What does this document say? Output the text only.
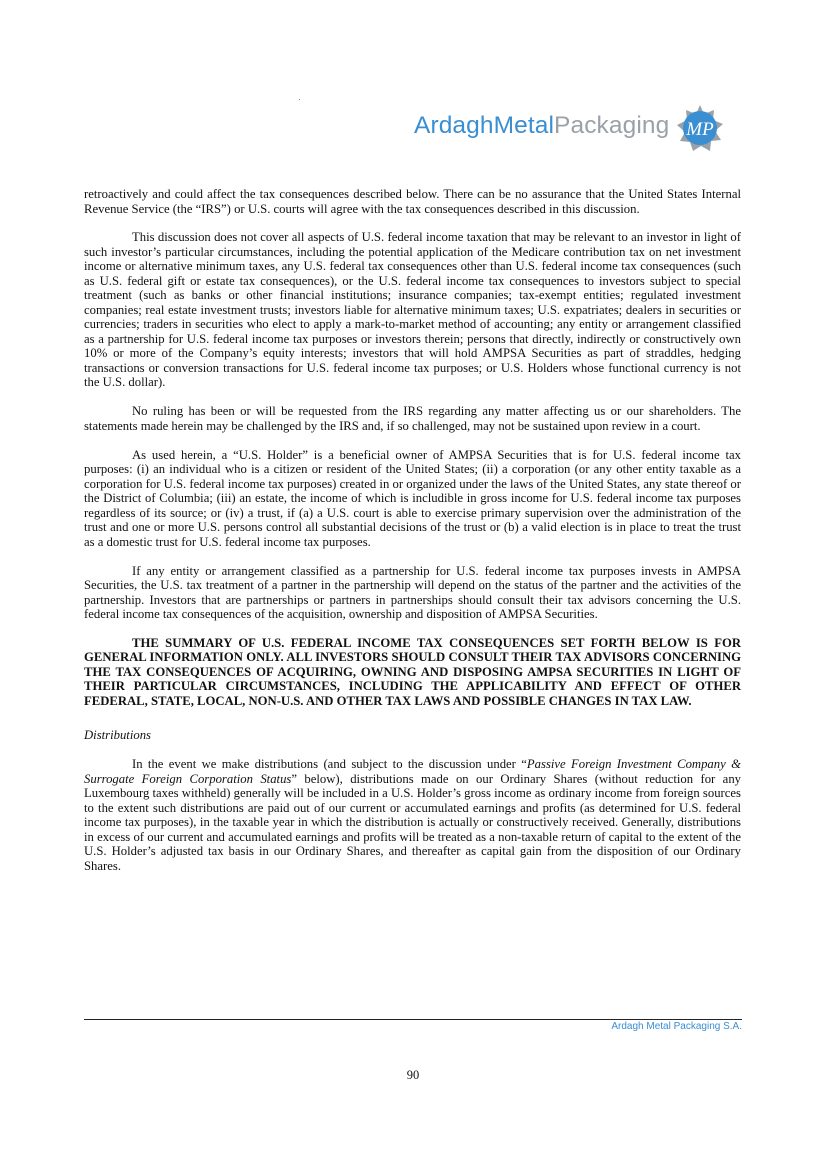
ArdaghMetalPackaging MP

retroactively and could affect the tax consequences described below. There can be no assurance that the United States Internal Revenue Service (the “IRS”) or U.S. courts will agree with the tax consequences described in this discussion.

This discussion does not cover all aspects of U.S. federal income taxation that may be relevant to an investor in light of such investor’s particular circumstances, including the potential application of the Medicare contribution tax on net investment income or alternative minimum taxes, any U.S. federal tax consequences other than U.S. federal income tax consequences (such as U.S. federal gift or estate tax consequences), or the U.S. federal income tax consequences to investors subject to special treatment (such as banks or other financial institutions; insurance companies; tax-exempt entities; regulated investment companies; real estate investment trusts; investors liable for alternative minimum taxes; U.S. expatriates; dealers in securities or currencies; traders in securities who elect to apply a mark-to-market method of accounting; any entity or arrangement classified as a partnership for U.S. federal income tax purposes or investors therein; persons that directly, indirectly or constructively own 10% or more of the Company’s equity interests; investors that will hold AMPSA Securities as part of straddles, hedging transactions or conversion transactions for U.S. federal income tax purposes; or U.S. Holders whose functional currency is not the U.S. dollar).

No ruling has been or will be requested from the IRS regarding any matter affecting us or our shareholders. The statements made herein may be challenged by the IRS and, if so challenged, may not be sustained upon review in a court.

As used herein, a “U.S. Holder” is a beneficial owner of AMPSA Securities that is for U.S. federal income tax purposes: (i) an individual who is a citizen or resident of the United States; (ii) a corporation (or any other entity taxable as a corporation for U.S. federal income tax purposes) created in or organized under the laws of the United States, any state thereof or the District of Columbia; (iii) an estate, the income of which is includible in gross income for U.S. federal income tax purposes regardless of its source; or (iv) a trust, if (a) a U.S. court is able to exercise primary supervision over the administration of the trust and one or more U.S. persons control all substantial decisions of the trust or (b) a valid election is in place to treat the trust as a domestic trust for U.S. federal income tax purposes.

If any entity or arrangement classified as a partnership for U.S. federal income tax purposes invests in AMPSA Securities, the U.S. tax treatment of a partner in the partnership will depend on the status of the partner and the activities of the partnership. Investors that are partnerships or partners in partnerships should consult their tax advisors concerning the U.S. federal income tax consequences of the acquisition, ownership and disposition of AMPSA Securities.

THE SUMMARY OF U.S. FEDERAL INCOME TAX CONSEQUENCES SET FORTH BELOW IS FOR GENERAL INFORMATION ONLY. ALL INVESTORS SHOULD CONSULT THEIR TAX ADVISORS CONCERNING THE TAX CONSEQUENCES OF ACQUIRING, OWNING AND DISPOSING AMPSA SECURITIES IN LIGHT OF THEIR PARTICULAR CIRCUMSTANCES, INCLUDING THE APPLICABILITY AND EFFECT OF OTHER FEDERAL, STATE, LOCAL, NON-U.S. AND OTHER TAX LAWS AND POSSIBLE CHANGES IN TAX LAW.

Distributions

In the event we make distributions (and subject to the discussion under “Passive Foreign Investment Company & Surrogate Foreign Corporation Status” below), distributions made on our Ordinary Shares (without reduction for any Luxembourg taxes withheld) generally will be included in a U.S. Holder’s gross income as ordinary income from foreign sources to the extent such distributions are paid out of our current or accumulated earnings and profits (as determined for U.S. federal income tax purposes), in the taxable year in which the distribution is actually or constructively received. Generally, distributions in excess of our current and accumulated earnings and profits will be treated as a non-taxable return of capital to the extent of the U.S. Holder’s adjusted tax basis in our Ordinary Shares, and thereafter as capital gain from the disposition of our Ordinary Shares.

Ardagh Metal Packaging S.A.
90
